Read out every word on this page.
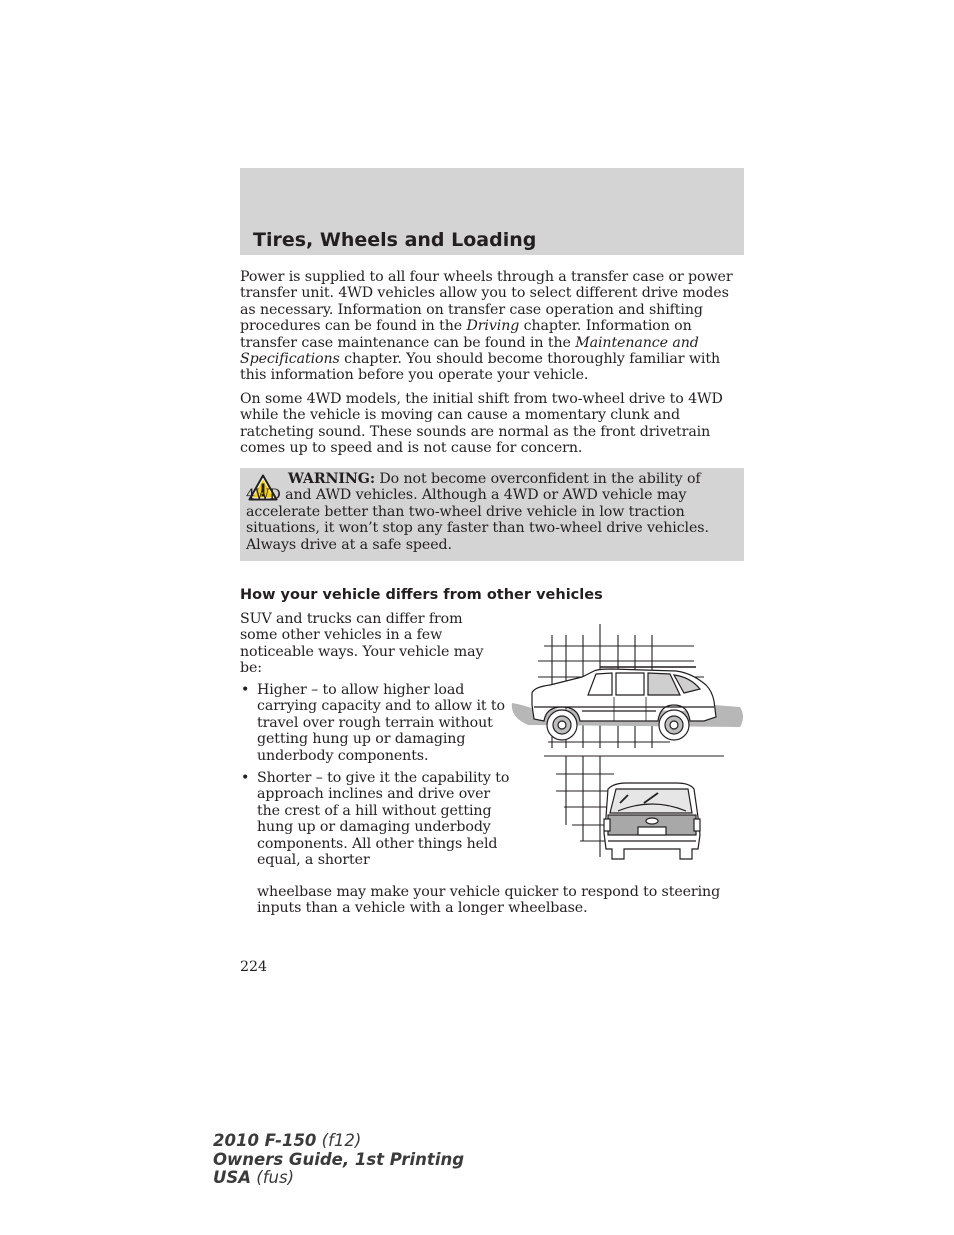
Tires, Wheels and Loading

Power is supplied to all four wheels through a transfer case or power transfer unit. 4WD vehicles allow you to select different drive modes as necessary. Information on transfer case operation and shifting procedures can be found in the Driving chapter. Information on transfer case maintenance can be found in the Maintenance and Specifications chapter. You should become thoroughly familiar with this information before you operate your vehicle.

On some 4WD models, the initial shift from two-wheel drive to 4WD while the vehicle is moving can cause a momentary clunk and ratcheting sound. These sounds are normal as the front drivetrain comes up to speed and is not cause for concern.

WARNING: Do not become overconfident in the ability of 4WD and AWD vehicles. Although a 4WD or AWD vehicle may accelerate better than two-wheel drive vehicle in low traction situations, it won’t stop any faster than two-wheel drive vehicles. Always drive at a safe speed.

How your vehicle differs from other vehicles

SUV and trucks can differ from some other vehicles in a few noticeable ways. Your vehicle may be:

• Higher – to allow higher load carrying capacity and to allow it to travel over rough terrain without getting hung up or damaging underbody components.

• Shorter – to give it the capability to approach inclines and drive over the crest of a hill without getting hung up or damaging underbody components. All other things held equal, a shorter

wheelbase may make your vehicle quicker to respond to steering inputs than a vehicle with a longer wheelbase.

224

2010 F-150 (f12)
Owners Guide, 1st Printing
USA (fus)
